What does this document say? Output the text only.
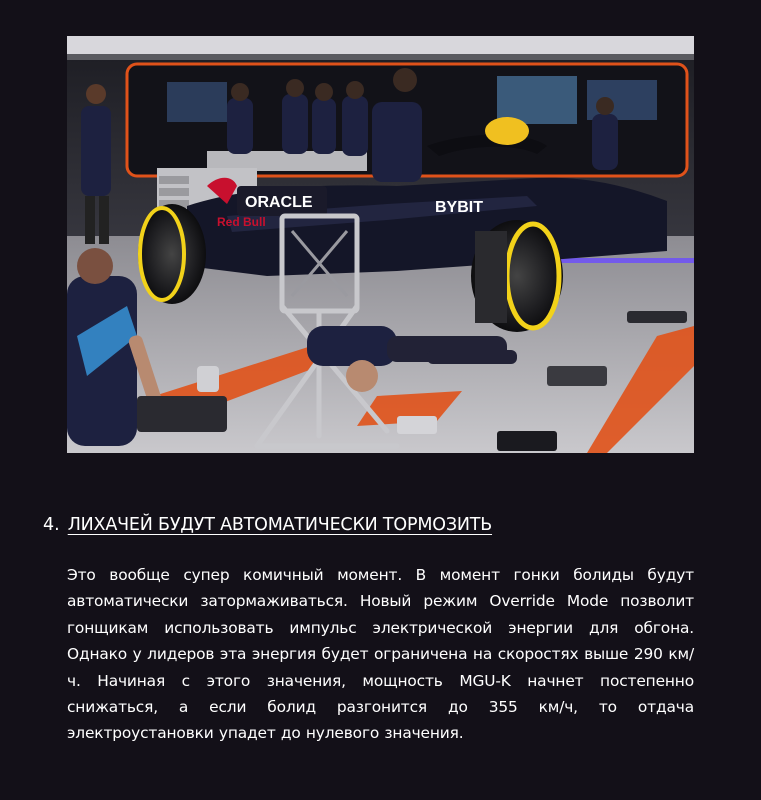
ORACLE	BYBIT
Red Bull
4. ЛИХАЧЕЙ БУДУТ АВТОМАТИЧЕСКИ ТОРМОЗИТЬ

Это вообще супер комичный момент. В момент гонки болиды будут автоматически затормаживаться. Новый режим Override Mode позволит гонщикам использовать импульс электрической энергии для обгона. Однако у лидеров эта энергия будет ограничена на скоростях выше 290 км/ч. Начиная с этого значения, мощность MGU-K начнет постепенно снижаться, а если болид разгонится до 355 км/ч, то отдача электроустановки упадет до нулевого значения.
